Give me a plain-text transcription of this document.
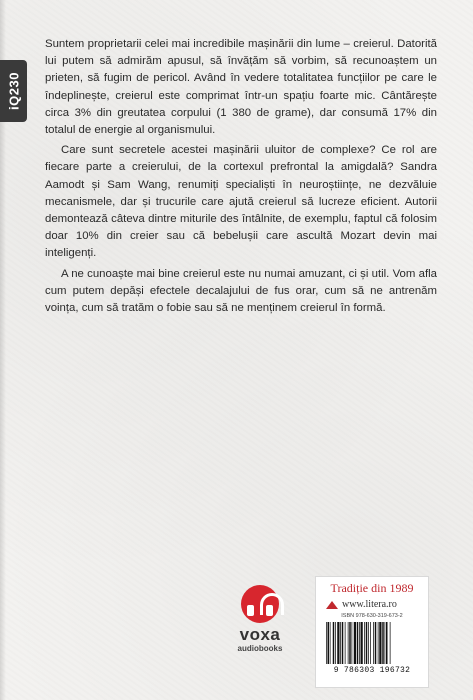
iQ230

Suntem proprietarii celei mai incredibile mașinării din lume – creierul. Datorită lui putem să admirăm apusul, să învățăm să vorbim, să recunoaștem un prieten, să fugim de pericol. Având în vedere totalitatea funcțiilor pe care le îndeplinește, creierul este comprimat într-un spațiu foarte mic. Cântărește circa 3% din greutatea corpului (1 380 de grame), dar consumă 17% din totalul de energie al organismului.

Care sunt secretele acestei mașinării uluitor de complexe? Ce rol are fiecare parte a creierului, de la cortexul prefrontal la amigdală? Sandra Aamodt și Sam Wang, renumiți specialiști în neuroștiințe, ne dezvăluie mecanismele, dar și trucurile care ajută creierul să lucreze eficient. Autorii demontează câteva dintre miturile des întâlnite, de exemplu, faptul că folosim doar 10% din creier sau că bebelușii care ascultă Mozart devin mai inteligenți.

A ne cunoaște mai bine creierul este nu numai amuzant, ci și util. Vom afla cum putem depăși efectele decalajului de fus orar, cum să ne antrenăm voința, cum să tratăm o fobie sau să ne menținem creierul în formă.

voxa
audiobooks
Tradiție din 1989
www.litera.ro
ISBN 978-630-319-673-2
9 786303 196732
